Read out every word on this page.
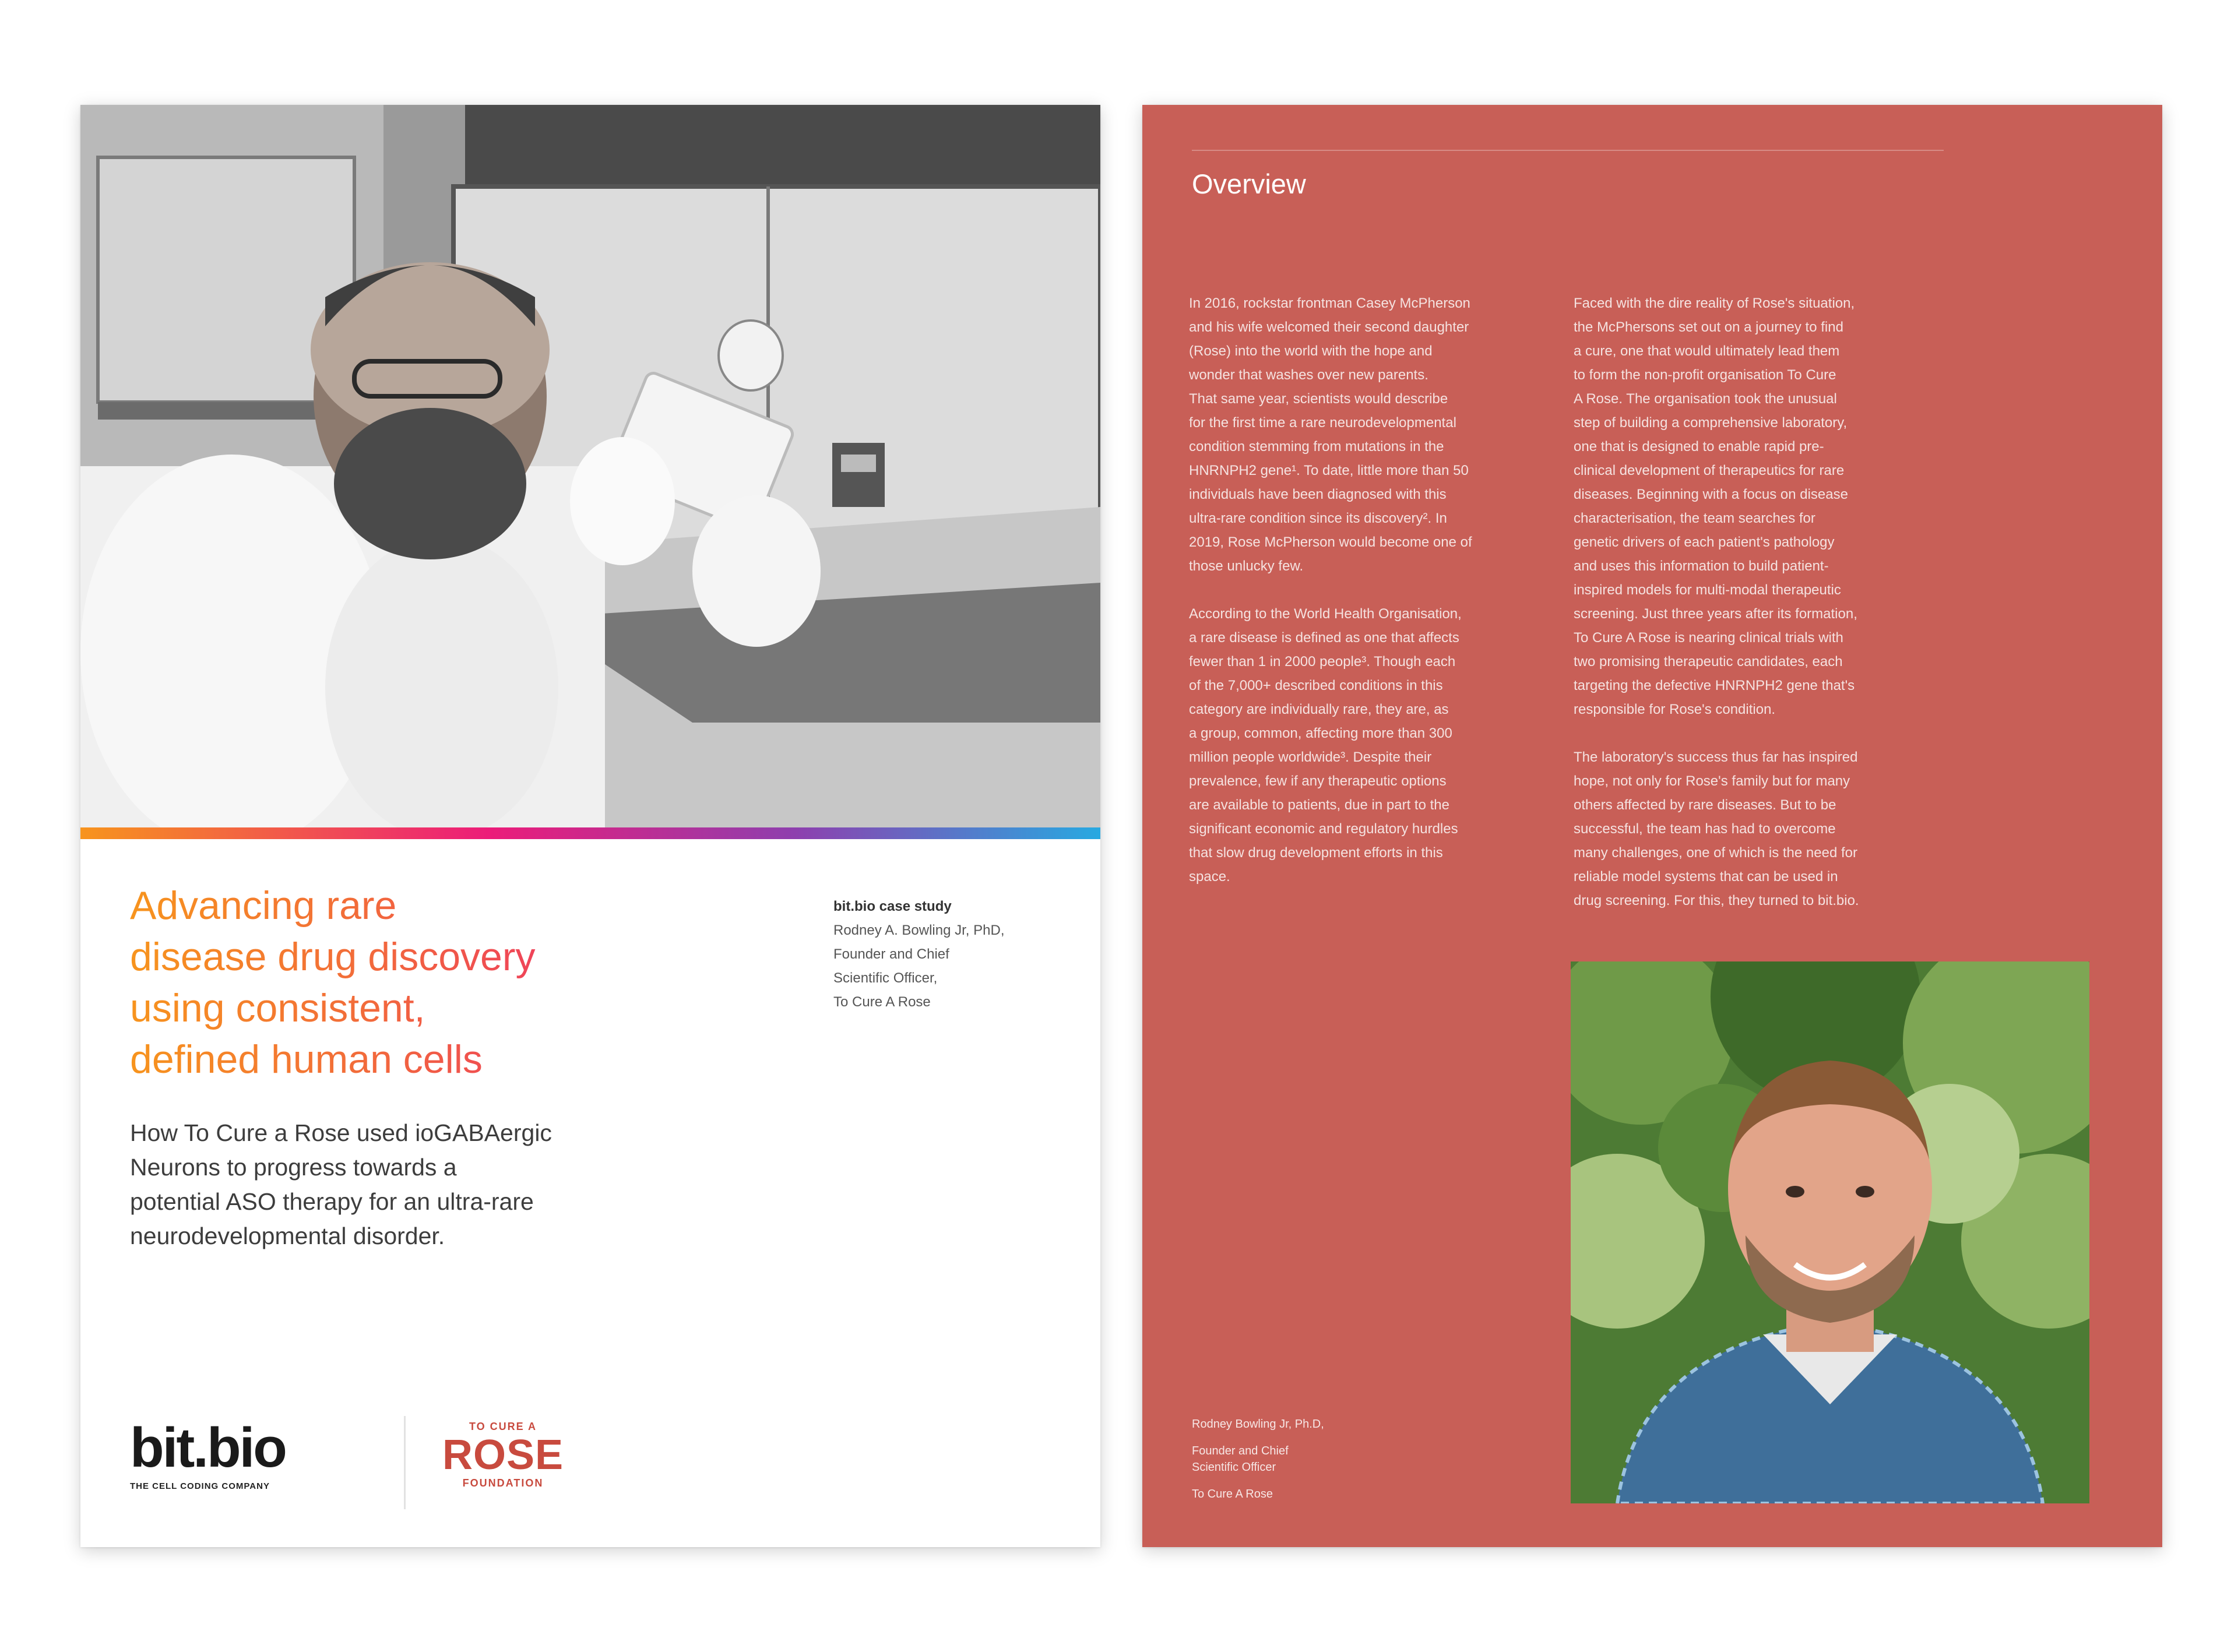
Advancing rare
disease drug discovery
using consistent,
defined human cells

How To Cure a Rose used ioGABAergic
Neurons to progress towards a
potential ASO therapy for an ultra-rare
neurodevelopmental disorder.

bit.bio case study
Rodney A. Bowling Jr, PhD,
Founder and Chief
Scientific Officer,
To Cure A Rose
bit.bio
THE CELL CODING COMPANY
TO CURE A
ROSE
FOUNDATION
Overview

In 2016, rockstar frontman Casey McPherson
and his wife welcomed their second daughter
(Rose) into the world with the hope and
wonder that washes over new parents.
That same year, scientists would describe
for the first time a rare neurodevelopmental
condition stemming from mutations in the
HNRNPH2 gene¹. To date, little more than 50
individuals have been diagnosed with this
ultra-rare condition since its discovery². In
2019, Rose McPherson would become one of
those unlucky few.

According to the World Health Organisation,
a rare disease is defined as one that affects
fewer than 1 in 2000 people³. Though each
of the 7,000+ described conditions in this
category are individually rare, they are, as
a group, common, affecting more than 300
million people worldwide³. Despite their
prevalence, few if any therapeutic options
are available to patients, due in part to the
significant economic and regulatory hurdles
that slow drug development efforts in this
space.

Faced with the dire reality of Rose's situation,
the McPhersons set out on a journey to find
a cure, one that would ultimately lead them
to form the non-profit organisation To Cure
A Rose. The organisation took the unusual
step of building a comprehensive laboratory,
one that is designed to enable rapid pre-
clinical development of therapeutics for rare
diseases. Beginning with a focus on disease
characterisation, the team searches for
genetic drivers of each patient's pathology
and uses this information to build patient-
inspired models for multi-modal therapeutic
screening. Just three years after its formation,
To Cure A Rose is nearing clinical trials with
two promising therapeutic candidates, each
targeting the defective HNRNPH2 gene that's
responsible for Rose's condition.

The laboratory's success thus far has inspired
hope, not only for Rose's family but for many
others affected by rare diseases. But to be
successful, the team has had to overcome
many challenges, one of which is the need for
reliable model systems that can be used in
drug screening. For this, they turned to bit.bio.

Rodney Bowling Jr, Ph.D,
Founder and Chief
Scientific Officer
To Cure A Rose
